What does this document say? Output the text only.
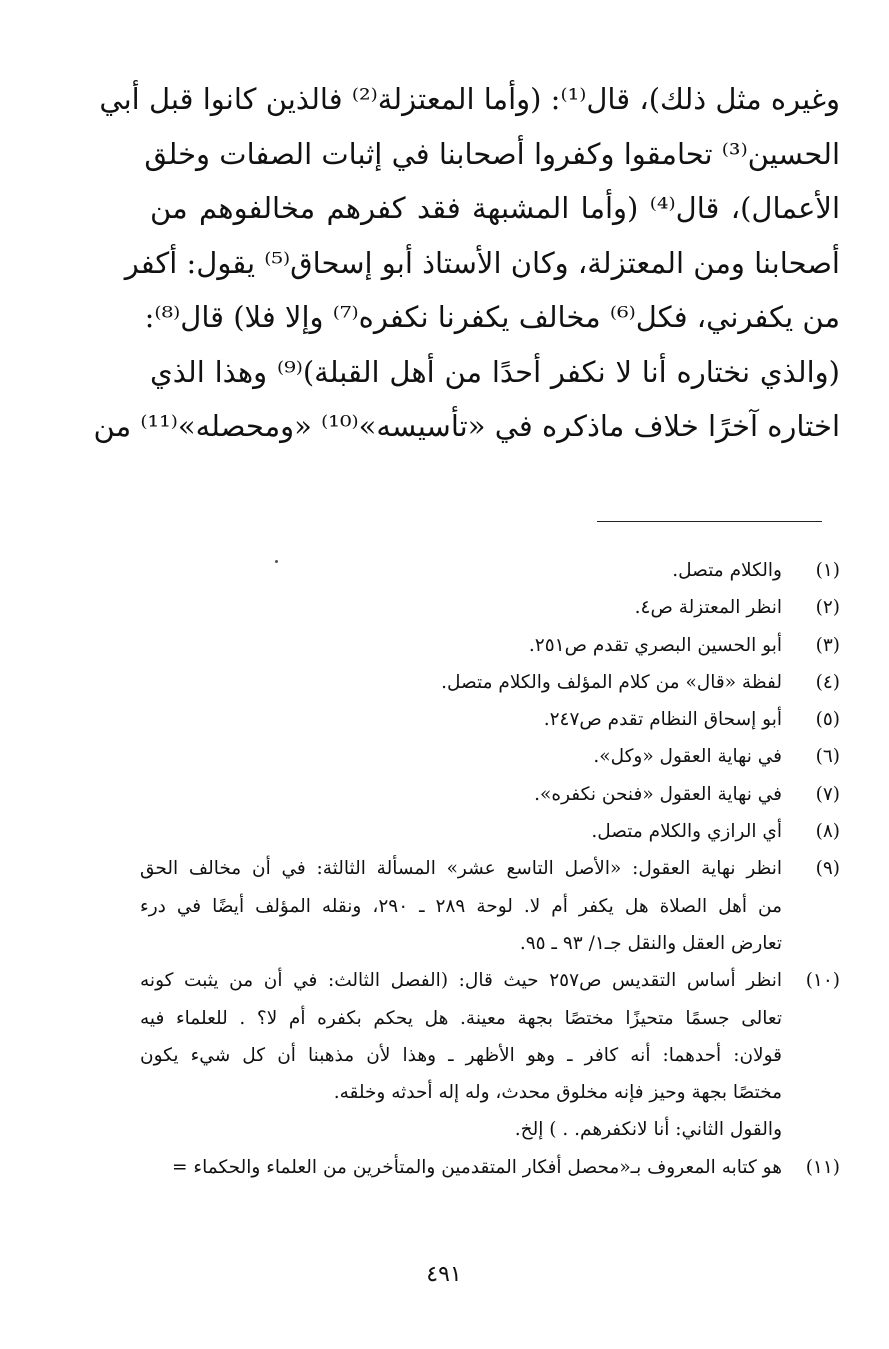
وغيره مثل ذلك)، قال⁽¹⁾: (وأما المعتزلة⁽²⁾ فالذين كانوا قبل أبي
الحسين⁽³⁾ تحامقوا وكفروا أصحابنا في إثبات الصفات وخلق
الأعمال)، قال⁽⁴⁾ (وأما المشبهة فقد كفرهم مخالفوهم من
أصحابنا ومن المعتزلة، وكان الأستاذ أبو إسحاق⁽⁵⁾ يقول: أكفر
من يكفرني، فكل⁽⁶⁾ مخالف يكفرنا نكفره⁽⁷⁾ وإلا فلا) قال⁽⁸⁾:
(والذي نختاره أنا لا نكفر أحدًا من أهل القبلة)⁽⁹⁾ وهذا الذي
اختاره آخرًا خلاف ماذكره في «تأسيسه»⁽¹⁰⁾ «ومحصله»⁽¹¹⁾ من
(١)
والكلام متصل.
(٢)
انظر المعتزلة ص٤.
(٣)
أبو الحسين البصري تقدم ص٢٥١.
(٤)
لفظة «قال» من كلام المؤلف والكلام متصل.
(٥)
أبو إسحاق النظام تقدم ص٢٤٧.
(٦)
في نهاية العقول «وكل».
(٧)
في نهاية العقول «فنحن نكفره».
(٨)
أي الرازي والكلام متصل.
(٩)
انظر نهاية العقول: «الأصل التاسع عشر» المسألة الثالثة: في أن مخالف الحق
من أهل الصلاة هل يكفر أم لا. لوحة ٢٨٩ ـ ٢٩٠، ونقله المؤلف أيضًا في درء
تعارض العقل والنقل جـ١/ ٩٣ ـ ٩٥.
(١٠)
انظر أساس التقديس ص٢٥٧ حيث قال: (الفصل الثالث: في أن من يثبت كونه
تعالى جسمًا متحيزًا مختصًا بجهة معينة. هل يحكم بكفره أم لا؟ . للعلماء فيه
قولان: أحدهما: أنه كافر ـ وهو الأظهر ـ وهذا لأن مذهبنا أن كل شيء يكون
مختصًا بجهة وحيز فإنه مخلوق محدث، وله إله أحدثه وخلقه.
والقول الثاني: أنا لانكفرهم. . ) إلخ.
(١١)
هو كتابه المعروف بـ«محصل أفكار المتقدمين والمتأخرين من العلماء والحكماء =
٤٩١
